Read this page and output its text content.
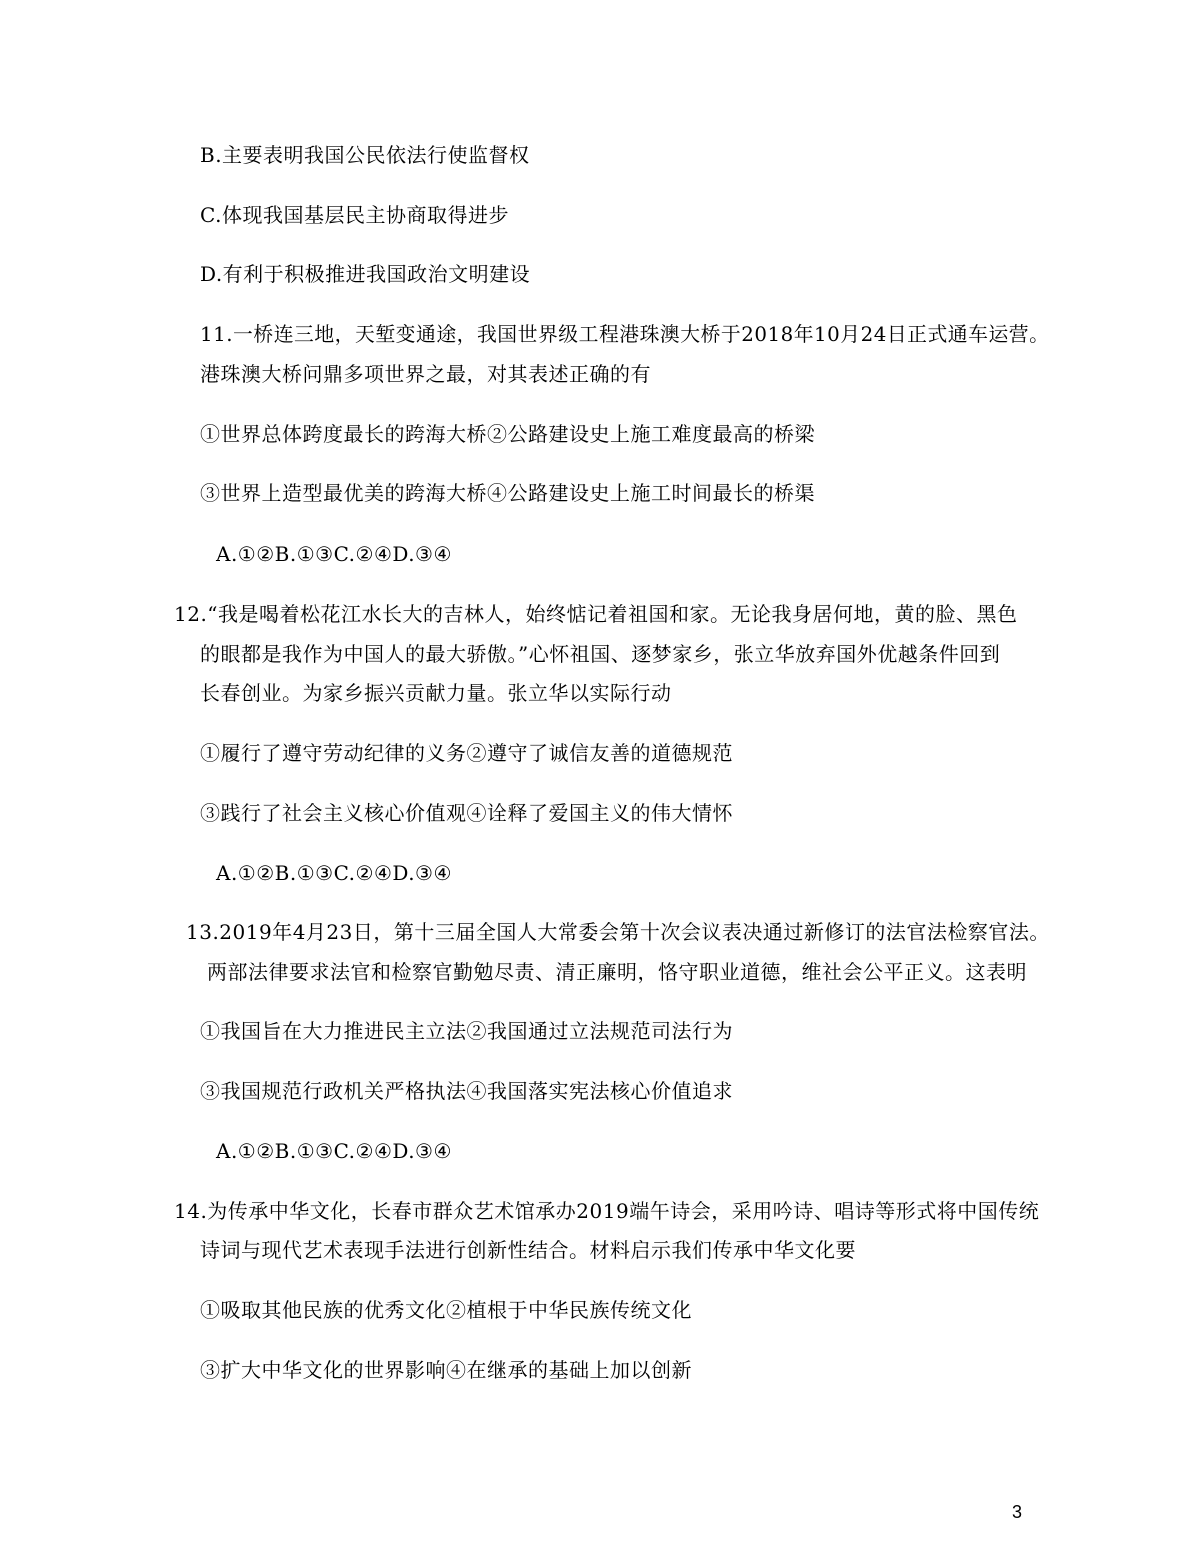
B.主要表明我国公民依法行使监督权
C.体现我国基层民主协商取得进步
D.有利于积极推进我国政治文明建设
11.一桥连三地，天堑变通途，我国世界级工程港珠澳大桥于2018年10月24日正式通车运营。
港珠澳大桥问鼎多项世界之最，对其表述正确的有
①世界总体跨度最长的跨海大桥②公路建设史上施工难度最高的桥梁
③世界上造型最优美的跨海大桥④公路建设史上施工时间最长的桥渠
A.①②B.①③C.②④D.③④
12.“我是喝着松花江水长大的吉林人，始终惦记着祖国和家。无论我身居何地，黄的脸、黑色
的眼都是我作为中国人的最大骄傲。”心怀祖国、逐梦家乡，张立华放弃国外优越条件回到
长春创业。为家乡振兴贡献力量。张立华以实际行动
①履行了遵守劳动纪律的义务②遵守了诚信友善的道德规范
③践行了社会主义核心价值观④诠释了爱国主义的伟大情怀
A.①②B.①③C.②④D.③④
13.2019年4月23日，第十三届全国人大常委会第十次会议表决通过新修订的法官法检察官法。
两部法律要求法官和检察官勤勉尽责、清正廉明，恪守职业道德，维社会公平正义。这表明
①我国旨在大力推进民主立法②我国通过立法规范司法行为
③我国规范行政机关严格执法④我国落实宪法核心价值追求
A.①②B.①③C.②④D.③④
14.为传承中华文化，长春市群众艺术馆承办2019端午诗会，采用吟诗、唱诗等形式将中国传统
诗词与现代艺术表现手法进行创新性结合。材料启示我们传承中华文化要
①吸取其他民族的优秀文化②植根于中华民族传统文化
③扩大中华文化的世界影响④在继承的基础上加以创新
3
